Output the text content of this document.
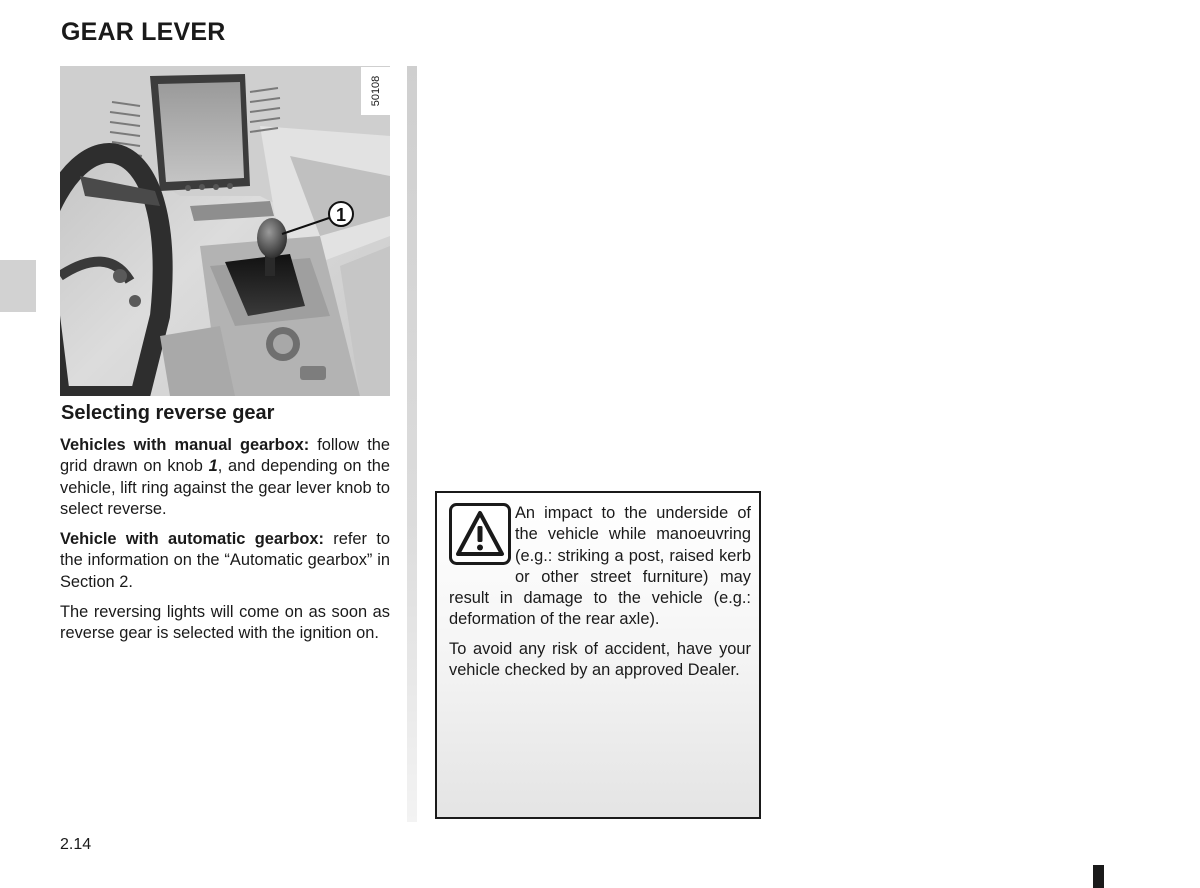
GEAR LEVER
1
50108
Selecting reverse gear

Vehicles with manual gearbox: follow the grid drawn on knob 1, and depending on the vehicle, lift ring against the gear lever knob to select reverse.

Vehicle with automatic gearbox: refer to the information on the “Automatic gearbox” in Section 2.

The reversing lights will come on as soon as reverse gear is selected with the ignition on.

An impact to the underside of the vehicle while manoeuvring (e.g.: striking a post, raised kerb or other street furniture) may result in damage to the vehicle (e.g.: deformation of the rear axle).

To avoid any risk of accident, have your vehicle checked by an approved Dealer.

2.14
